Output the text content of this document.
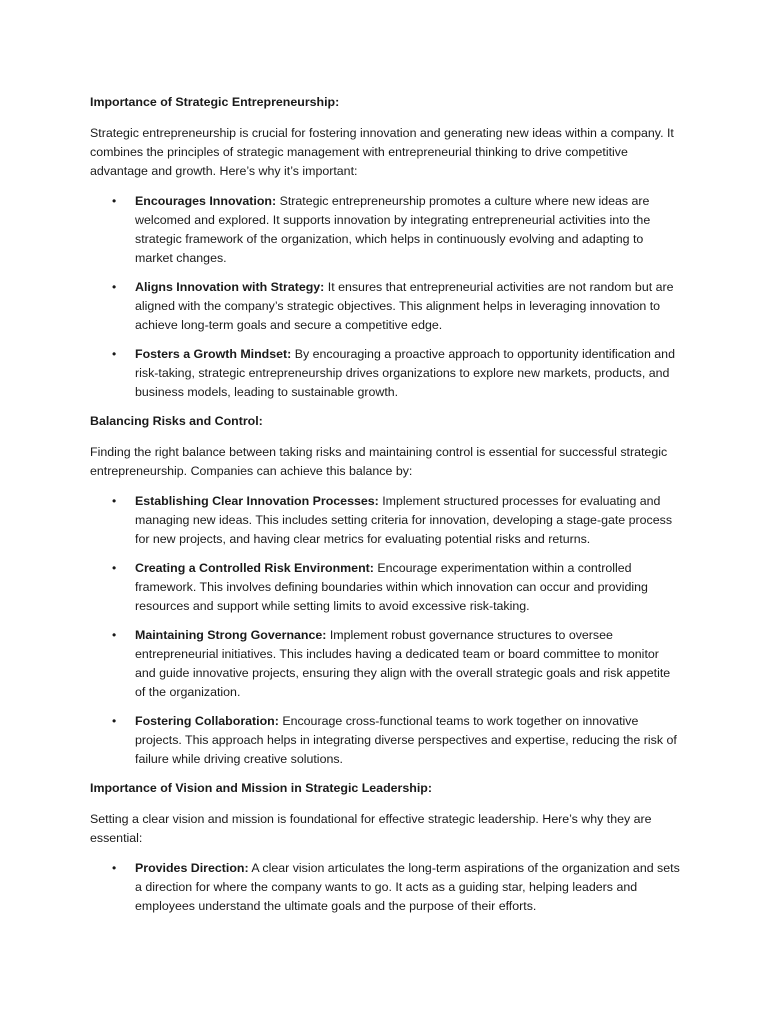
Importance of Strategic Entrepreneurship:
Strategic entrepreneurship is crucial for fostering innovation and generating new ideas within a company. It combines the principles of strategic management with entrepreneurial thinking to drive competitive advantage and growth. Here’s why it’s important:
• Encourages Innovation: Strategic entrepreneurship promotes a culture where new ideas are welcomed and explored. It supports innovation by integrating entrepreneurial activities into the strategic framework of the organization, which helps in continuously evolving and adapting to market changes.
• Aligns Innovation with Strategy: It ensures that entrepreneurial activities are not random but are aligned with the company’s strategic objectives. This alignment helps in leveraging innovation to achieve long-term goals and secure a competitive edge.
• Fosters a Growth Mindset: By encouraging a proactive approach to opportunity identification and risk-taking, strategic entrepreneurship drives organizations to explore new markets, products, and business models, leading to sustainable growth.
Balancing Risks and Control:
Finding the right balance between taking risks and maintaining control is essential for successful strategic entrepreneurship. Companies can achieve this balance by:
• Establishing Clear Innovation Processes: Implement structured processes for evaluating and managing new ideas. This includes setting criteria for innovation, developing a stage-gate process for new projects, and having clear metrics for evaluating potential risks and returns.
• Creating a Controlled Risk Environment: Encourage experimentation within a controlled framework. This involves defining boundaries within which innovation can occur and providing resources and support while setting limits to avoid excessive risk-taking.
• Maintaining Strong Governance: Implement robust governance structures to oversee entrepreneurial initiatives. This includes having a dedicated team or board committee to monitor and guide innovative projects, ensuring they align with the overall strategic goals and risk appetite of the organization.
• Fostering Collaboration: Encourage cross-functional teams to work together on innovative projects. This approach helps in integrating diverse perspectives and expertise, reducing the risk of failure while driving creative solutions.
Importance of Vision and Mission in Strategic Leadership:
Setting a clear vision and mission is foundational for effective strategic leadership. Here’s why they are essential:
• Provides Direction: A clear vision articulates the long-term aspirations of the organization and sets a direction for where the company wants to go. It acts as a guiding star, helping leaders and employees understand the ultimate goals and the purpose of their efforts.
